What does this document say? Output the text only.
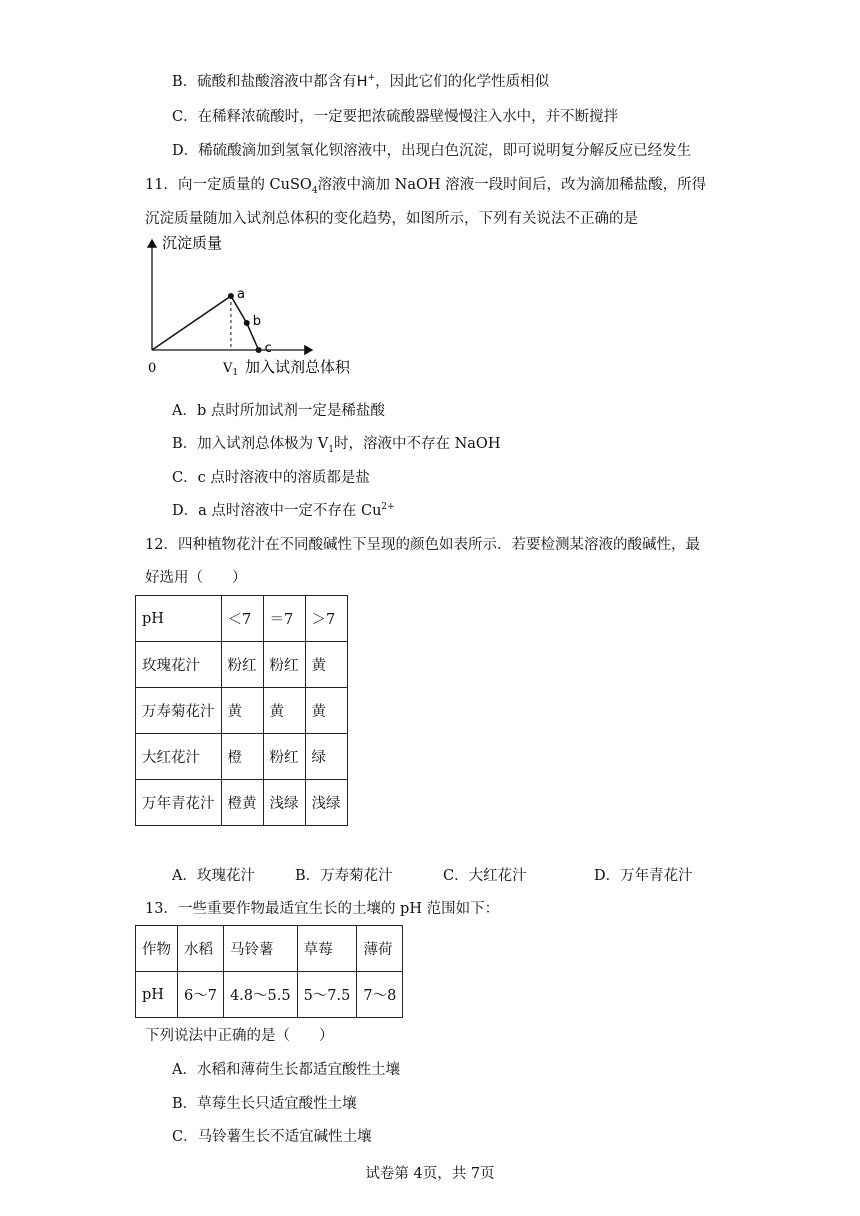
B．硫酸和盐酸溶液中都含有H+，因此它们的化学性质相似
C．在稀释浓硫酸时，一定要把浓硫酸器壁慢慢注入水中，并不断搅拌
D．稀硫酸滴加到氢氧化钡溶液中，出现白色沉淀，即可说明复分解反应已经发生
11．向一定质量的 CuSO$_4$溶液中滴加 NaOH 溶液一段时间后，改为滴加稀盐酸，所得
沉淀质量随加入试剂总体积的变化趋势，如图所示，下列有关说法不正确的是
沉淀质量
0
a
b
c
$V_1$ 加入试剂总体积
A．b 点时所加试剂一定是稀盐酸
B．加入试剂总体极为 $V_1$时，溶液中不存在 NaOH
C．c 点时溶液中的溶质都是盐
D．a 点时溶液中一定不存在 $Cu^{2+}$
12．四种植物花汁在不同酸碱性下呈现的颜色如表所示．若要检测某溶液的酸碱性，最
好选用（　　）
pH	＜7	＝7	＞7
玫瑰花汁	粉红	粉红	黄
万寿菊花汁	黄	黄	黄
大红花汁	橙	粉红	绿
万年青花汁	橙黄	浅绿	浅绿
A．玫瑰花汁	B．万寿菊花汁	C．大红花汁	D．万年青花汁
13．一些重要作物最适宜生长的土壤的 pH 范围如下：
作物	水稻	马铃薯	草莓	薄荷
pH	6～7	4.8～5.5	5～7.5	7～8
下列说法中正确的是（　　）
A．水稻和薄荷生长都适宜酸性土壤
B．草莓生长只适宜酸性土壤
C．马铃薯生长不适宜碱性土壤
试卷第 4页，共 7页
